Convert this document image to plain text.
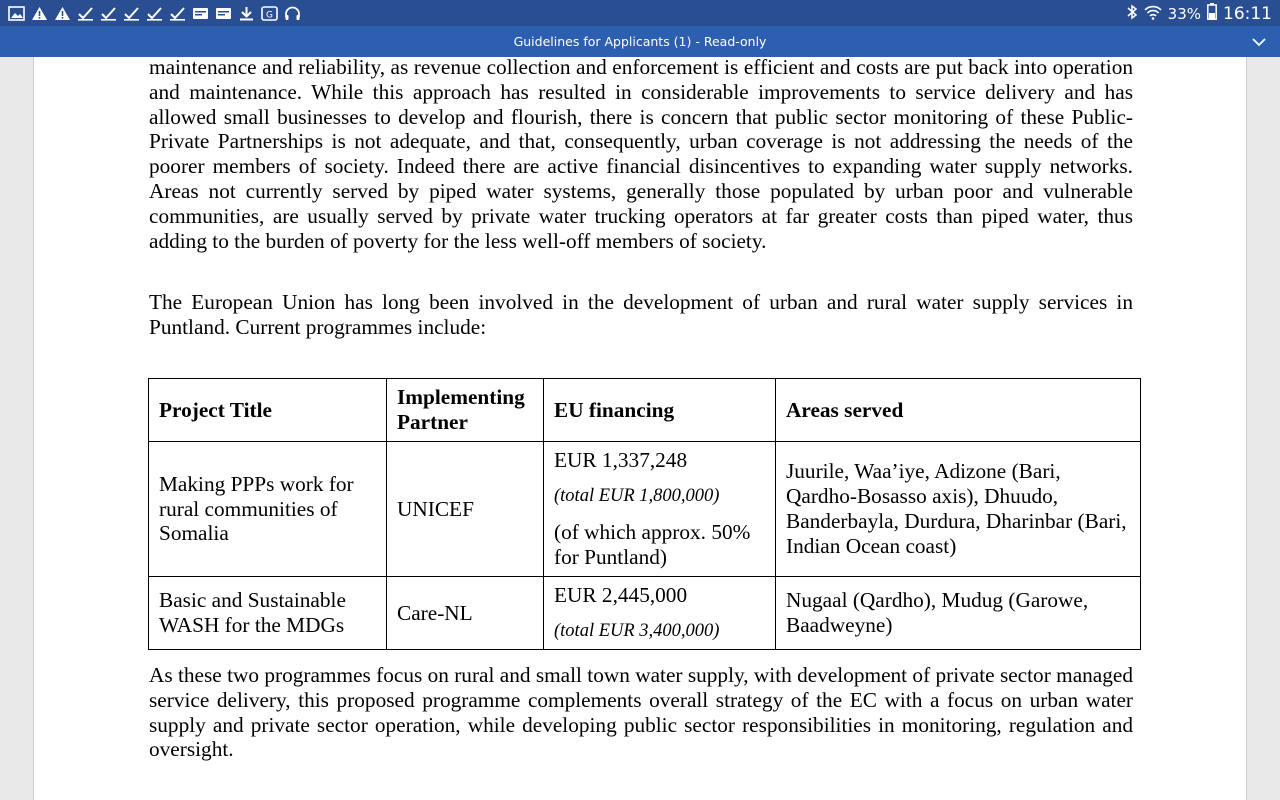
G	33% 16:11
Guidelines for Applicants (1) - Read-only

maintenance and reliability, as revenue collection and enforcement is efficient and costs are put back into operation and maintenance. While this approach has resulted in considerable improvements to service delivery and has allowed small businesses to develop and flourish, there is concern that public sector monitoring of these Public-Private Partnerships is not adequate, and that, consequently, urban coverage is not addressing the needs of the poorer members of society. Indeed there are active financial disincentives to expanding water supply networks. Areas not currently served by piped water systems, generally those populated by urban poor and vulnerable communities, are usually served by private water trucking operators at far greater costs than piped water, thus adding to the burden of poverty for the less well-off members of society.

The European Union has long been involved in the development of urban and rural water supply services in Puntland. Current programmes include:

As these two programmes focus on rural and small town water supply, with development of private sector managed service delivery, this proposed programme complements overall strategy of the EC with a focus on urban water supply and private sector operation, while developing public sector responsibilities in monitoring, regulation and oversight.

Project Title	Implementing Partner	EU financing	Areas served
Making PPPs work for rural communities of Somalia	UNICEF	EUR 1,337,248
(total EUR 1,800,000)
(of which approx. 50% for Puntland)	Juurile, Waa’iye, Adizone (Bari, Qardho-Bosasso axis), Dhuudo, Banderbayla, Durdura, Dharinbar (Bari, Indian Ocean coast)
Basic and Sustainable WASH for the MDGs	Care-NL	EUR 2,445,000
(total EUR 3,400,000)	Nugaal (Qardho), Mudug (Garowe, Baadweyne)
